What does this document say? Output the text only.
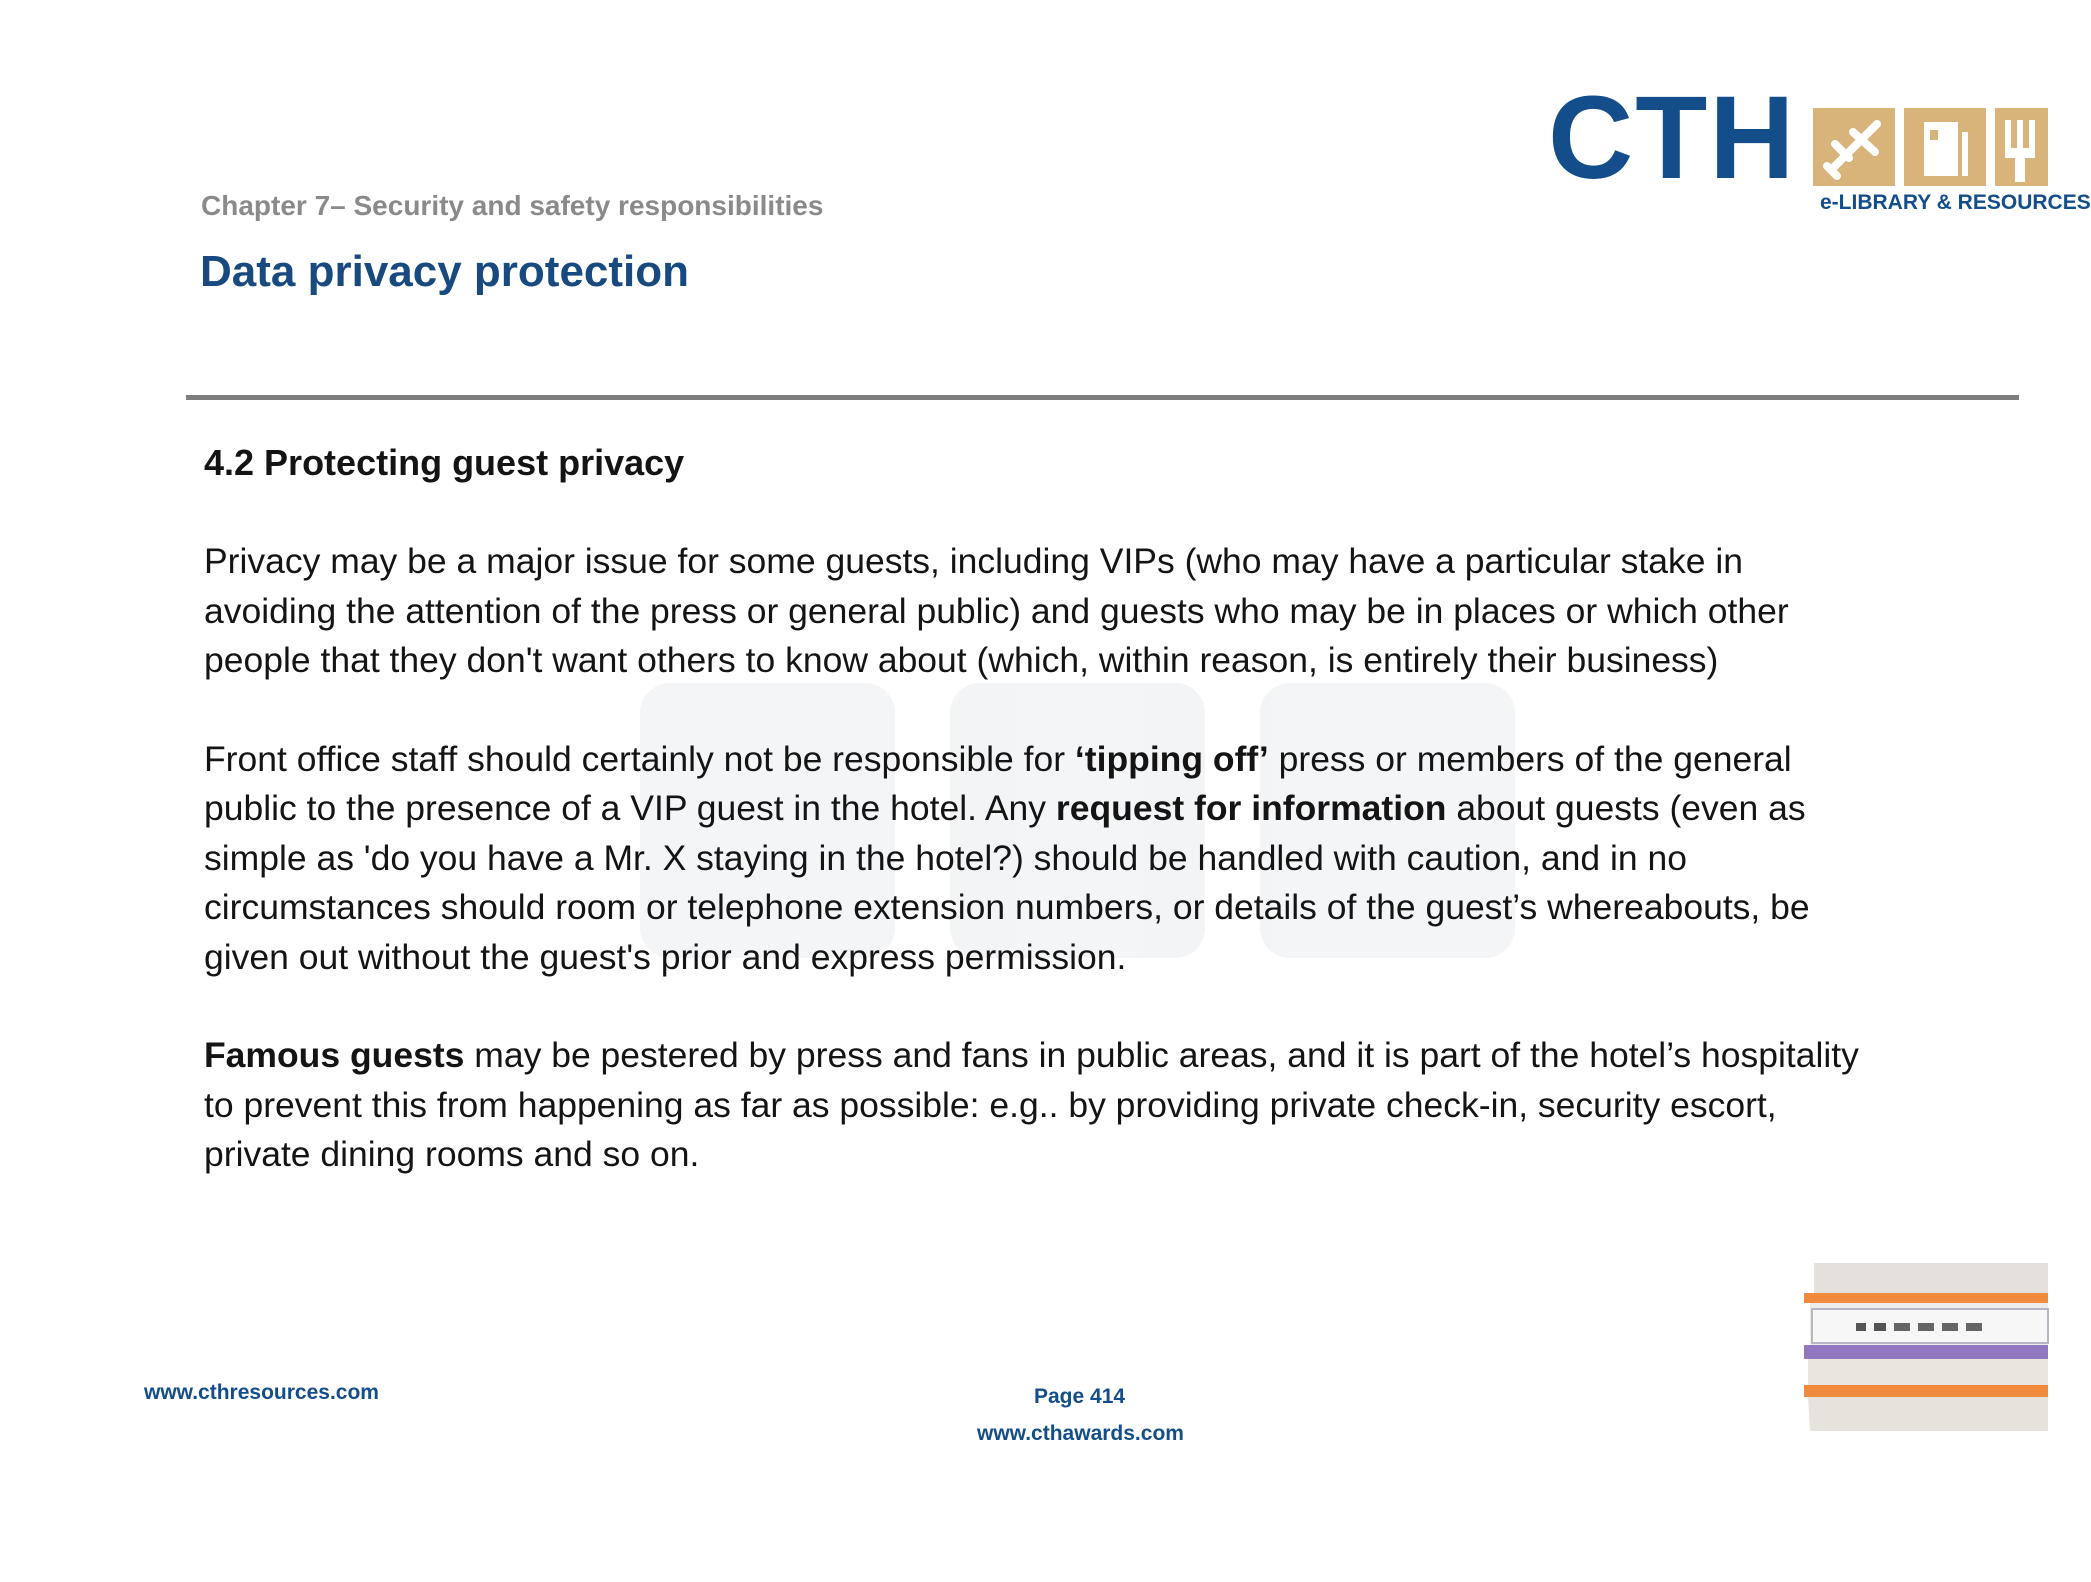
CTH e-LIBRARY & RESOURCES
Chapter 7– Security and safety responsibilities
Data privacy protection
4.2 Protecting guest privacy

Privacy may be a major issue for some guests, including VIPs (who may have a particular stake in
avoiding the attention of the press or general public) and guests who may be in places or which other
people that they don't want others to know about (which, within reason, is entirely their business)

Front office staff should certainly not be responsible for ‘tipping off’ press or members of the general
public to the presence of a VIP guest in the hotel. Any request for information about guests (even as
simple as 'do you have a Mr. X staying in the hotel?) should be handled with caution, and in no
circumstances should room or telephone extension numbers, or details of the guest’s whereabouts, be
given out without the guest's prior and express permission.

Famous guests may be pestered by press and fans in public areas, and it is part of the hotel’s hospitality
to prevent this from happening as far as possible: e.g.. by providing private check-in, security escort,
private dining rooms and so on.

www.cthresources.com	Page 414
www.cthawards.com
